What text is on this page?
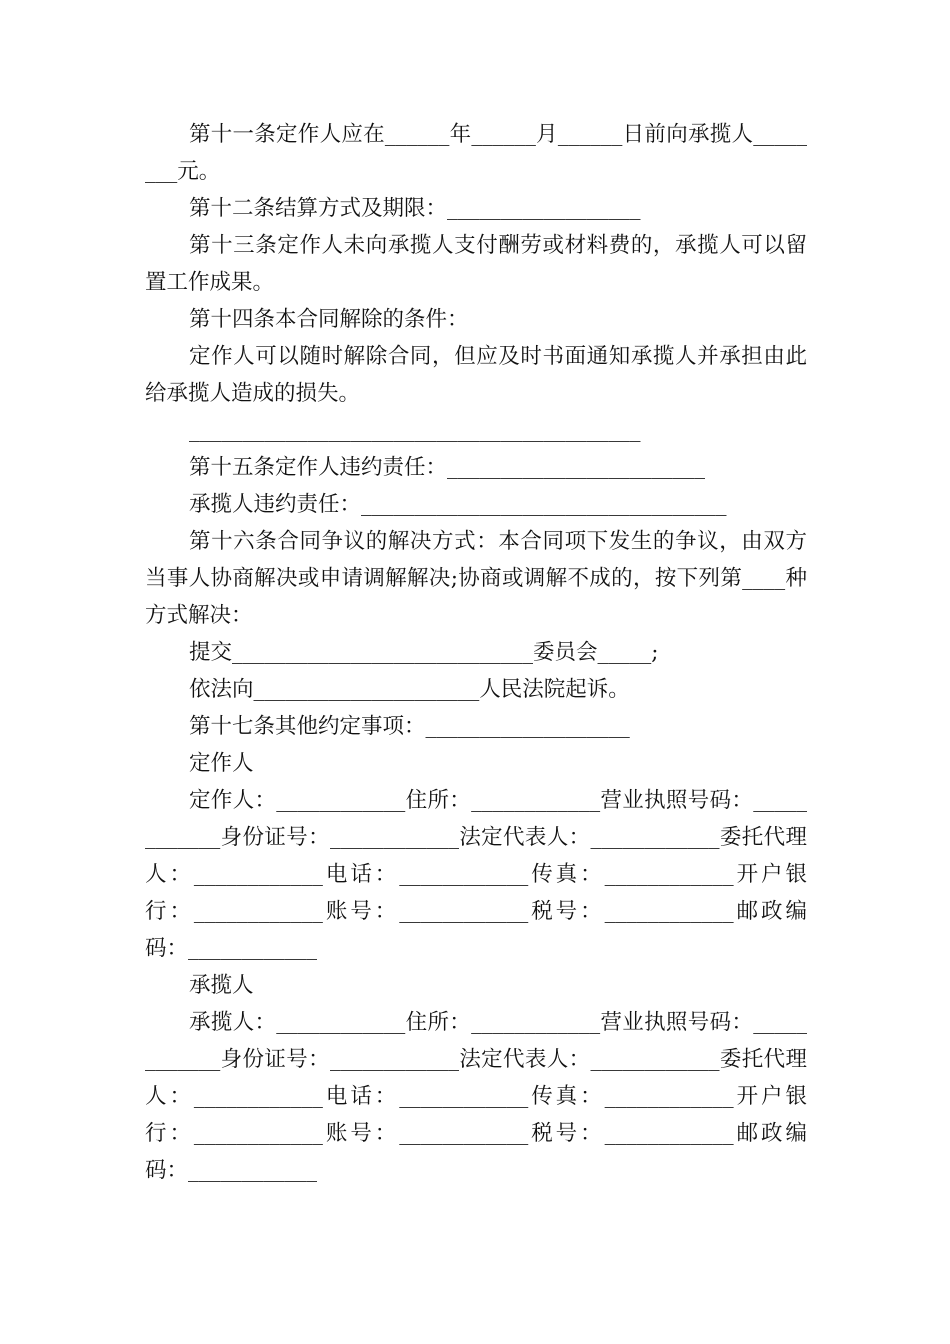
第十一条定作人应在______年______月______日前向承揽人________元。

第十二条结算方式及期限：__________________

第十三条定作人未向承揽人支付酬劳或材料费的，承揽人可以留置工作成果。

第十四条本合同解除的条件：

定作人可以随时解除合同，但应及时书面通知承揽人并承担由此给承揽人造成的损失。

__________________________________________

第十五条定作人违约责任：________________________

承揽人违约责任：__________________________________

第十六条合同争议的解决方式：本合同项下发生的争议，由双方当事人协商解决或申请调解解决;协商或调解不成的，按下列第____种方式解决：

提交____________________________委员会_____;

依法向_____________________人民法院起诉。

第十七条其他约定事项：___________________

定作人

定作人：____________住所：____________营业执照号码：____________身份证号：____________法定代表人：____________委托代理人：____________电话：____________传真：____________开户银行：____________账号：____________税号：____________邮政编码：____________

承揽人

承揽人：____________住所：____________营业执照号码：____________身份证号：____________法定代表人：____________委托代理人：____________电话：____________传真：____________开户银行：____________账号：____________税号：____________邮政编码：____________
